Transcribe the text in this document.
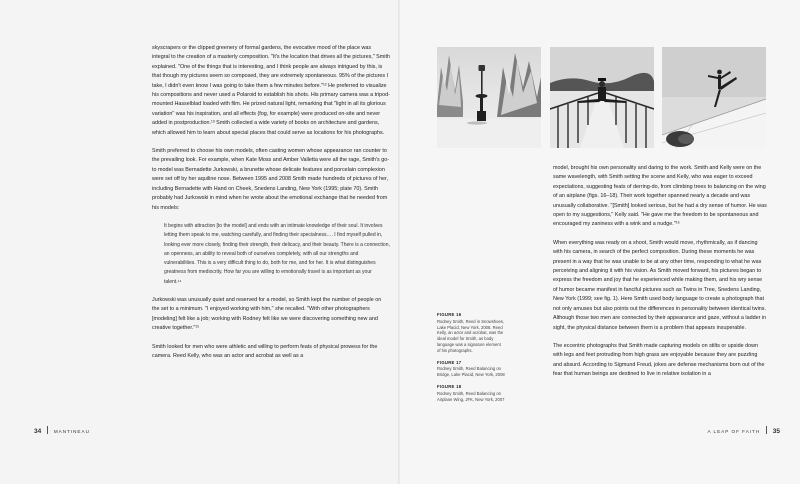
skyscrapers or the clipped greenery of formal gardens, the evocative mood of the place was integral to the creation of a masterly composition. "It's the location that drives all the pictures," Smith explained. "One of the things that is interesting, and I think people are always intrigued by this, is that though my pictures seem so composed, they are extremely spontaneous. 95% of the pictures I take, I didn't even know I was going to take them a few minutes before."¹² He preferred to visualize his compositions and never used a Polaroid to establish his shots. His primary camera was a tripod-mounted Hasselblad loaded with film. He prized natural light, remarking that "light in all its glorious variation" was his inspiration, and all effects (fog, for example) were produced on-site and never added in postproduction.¹³ Smith collected a wide variety of books on architecture and gardens, which allowed him to learn about special places that could serve as locations for his photographs.

Smith preferred to choose his own models, often casting women whose appearance ran counter to the prevailing look. For example, when Kate Moss and Amber Valletta were all the rage, Smith's go-to model was Bernadette Jurkowski, a brunette whose delicate features and porcelain complexion were set off by her aquiline nose. Between 1995 and 2008 Smith made hundreds of pictures of her, including Bernadette with Hand on Cheek, Snedens Landing, New York (1995; plate 70). Smith probably had Jurkowski in mind when he wrote about the emotional exchange that he needed from his models:

It begins with attraction [to the model] and ends with an intimate knowledge of their soul. It involves letting them speak to me, watching carefully, and finding their specialness…. I find myself pulled in, looking ever more closely, finding their strength, their delicacy, and their beauty. There is a connection, an openness, an ability to reveal both of ourselves completely, with all our strengths and vulnerabilities. This is a very difficult thing to do, both for me, and for her. It is what distinguishes greatness from mediocrity. How far you are willing to emotionally travel is as important as your talent.¹⁴

Jurkowski was unusually quiet and reserved for a model, so Smith kept the number of people on the set to a minimum. "I enjoyed working with him," she recalled. "With other photographers [modeling] felt like a job; working with Rodney felt like we were discovering something new and creative together."¹⁵

Smith looked for men who were athletic and willing to perform feats of physical prowess for the camera. Reed Kelly, who was an actor and acrobat as well as a

34	MANTINEAU
FIGURE 16
Rodney Smith, Reed in Snowshoes, Lake Placid, New York, 2008. Reed Kelly, an actor and acrobat, was the ideal model for Smith, as body language was a signature element of his photographs.
FIGURE 17
Rodney Smith, Reed Balancing on Bridge, Lake Placid, New York, 2008
FIGURE 18
Rodney Smith, Reed Balancing on Airplane Wing, JFK, New York, 2007

model, brought his own personality and daring to the work. Smith and Kelly were on the same wavelength, with Smith setting the scene and Kelly, who was eager to exceed expectations, suggesting feats of derring-do, from climbing trees to balancing on the wing of an airplane (figs. 16–18). Their work together spanned nearly a decade and was unusually collaborative. "[Smith] looked serious, but he had a dry sense of humor. He was open to my suggestions," Kelly said. "He gave me the freedom to be spontaneous and encouraged my zaniness with a wink and a nudge."¹⁶

When everything was ready on a shoot, Smith would move, rhythmically, as if dancing with his camera, in search of the perfect composition. During these moments he was present in a way that he was unable to be at any other time, responding to what he was perceiving and aligning it with his vision. As Smith moved forward, his pictures began to express the freedom and joy that he experienced while making them, and his wry sense of humor became manifest in fanciful pictures such as Twins in Tree, Snedens Landing, New York (1999; see fig. 1). Here Smith used body language to create a photograph that not only amuses but also points out the differences in personality between identical twins. Although those two men are connected by their appearance and gaze, without a ladder in sight, the physical distance between them is a problem that appears insuperable.

The eccentric photographs that Smith made capturing models on stilts or upside down with legs and feet protruding from high grass are enjoyable because they are puzzling and absurd. According to Sigmund Freud, jokes are defense mechanisms born out of the fear that human beings are destined to live in relative isolation in a

A LEAP OF FAITH 35
